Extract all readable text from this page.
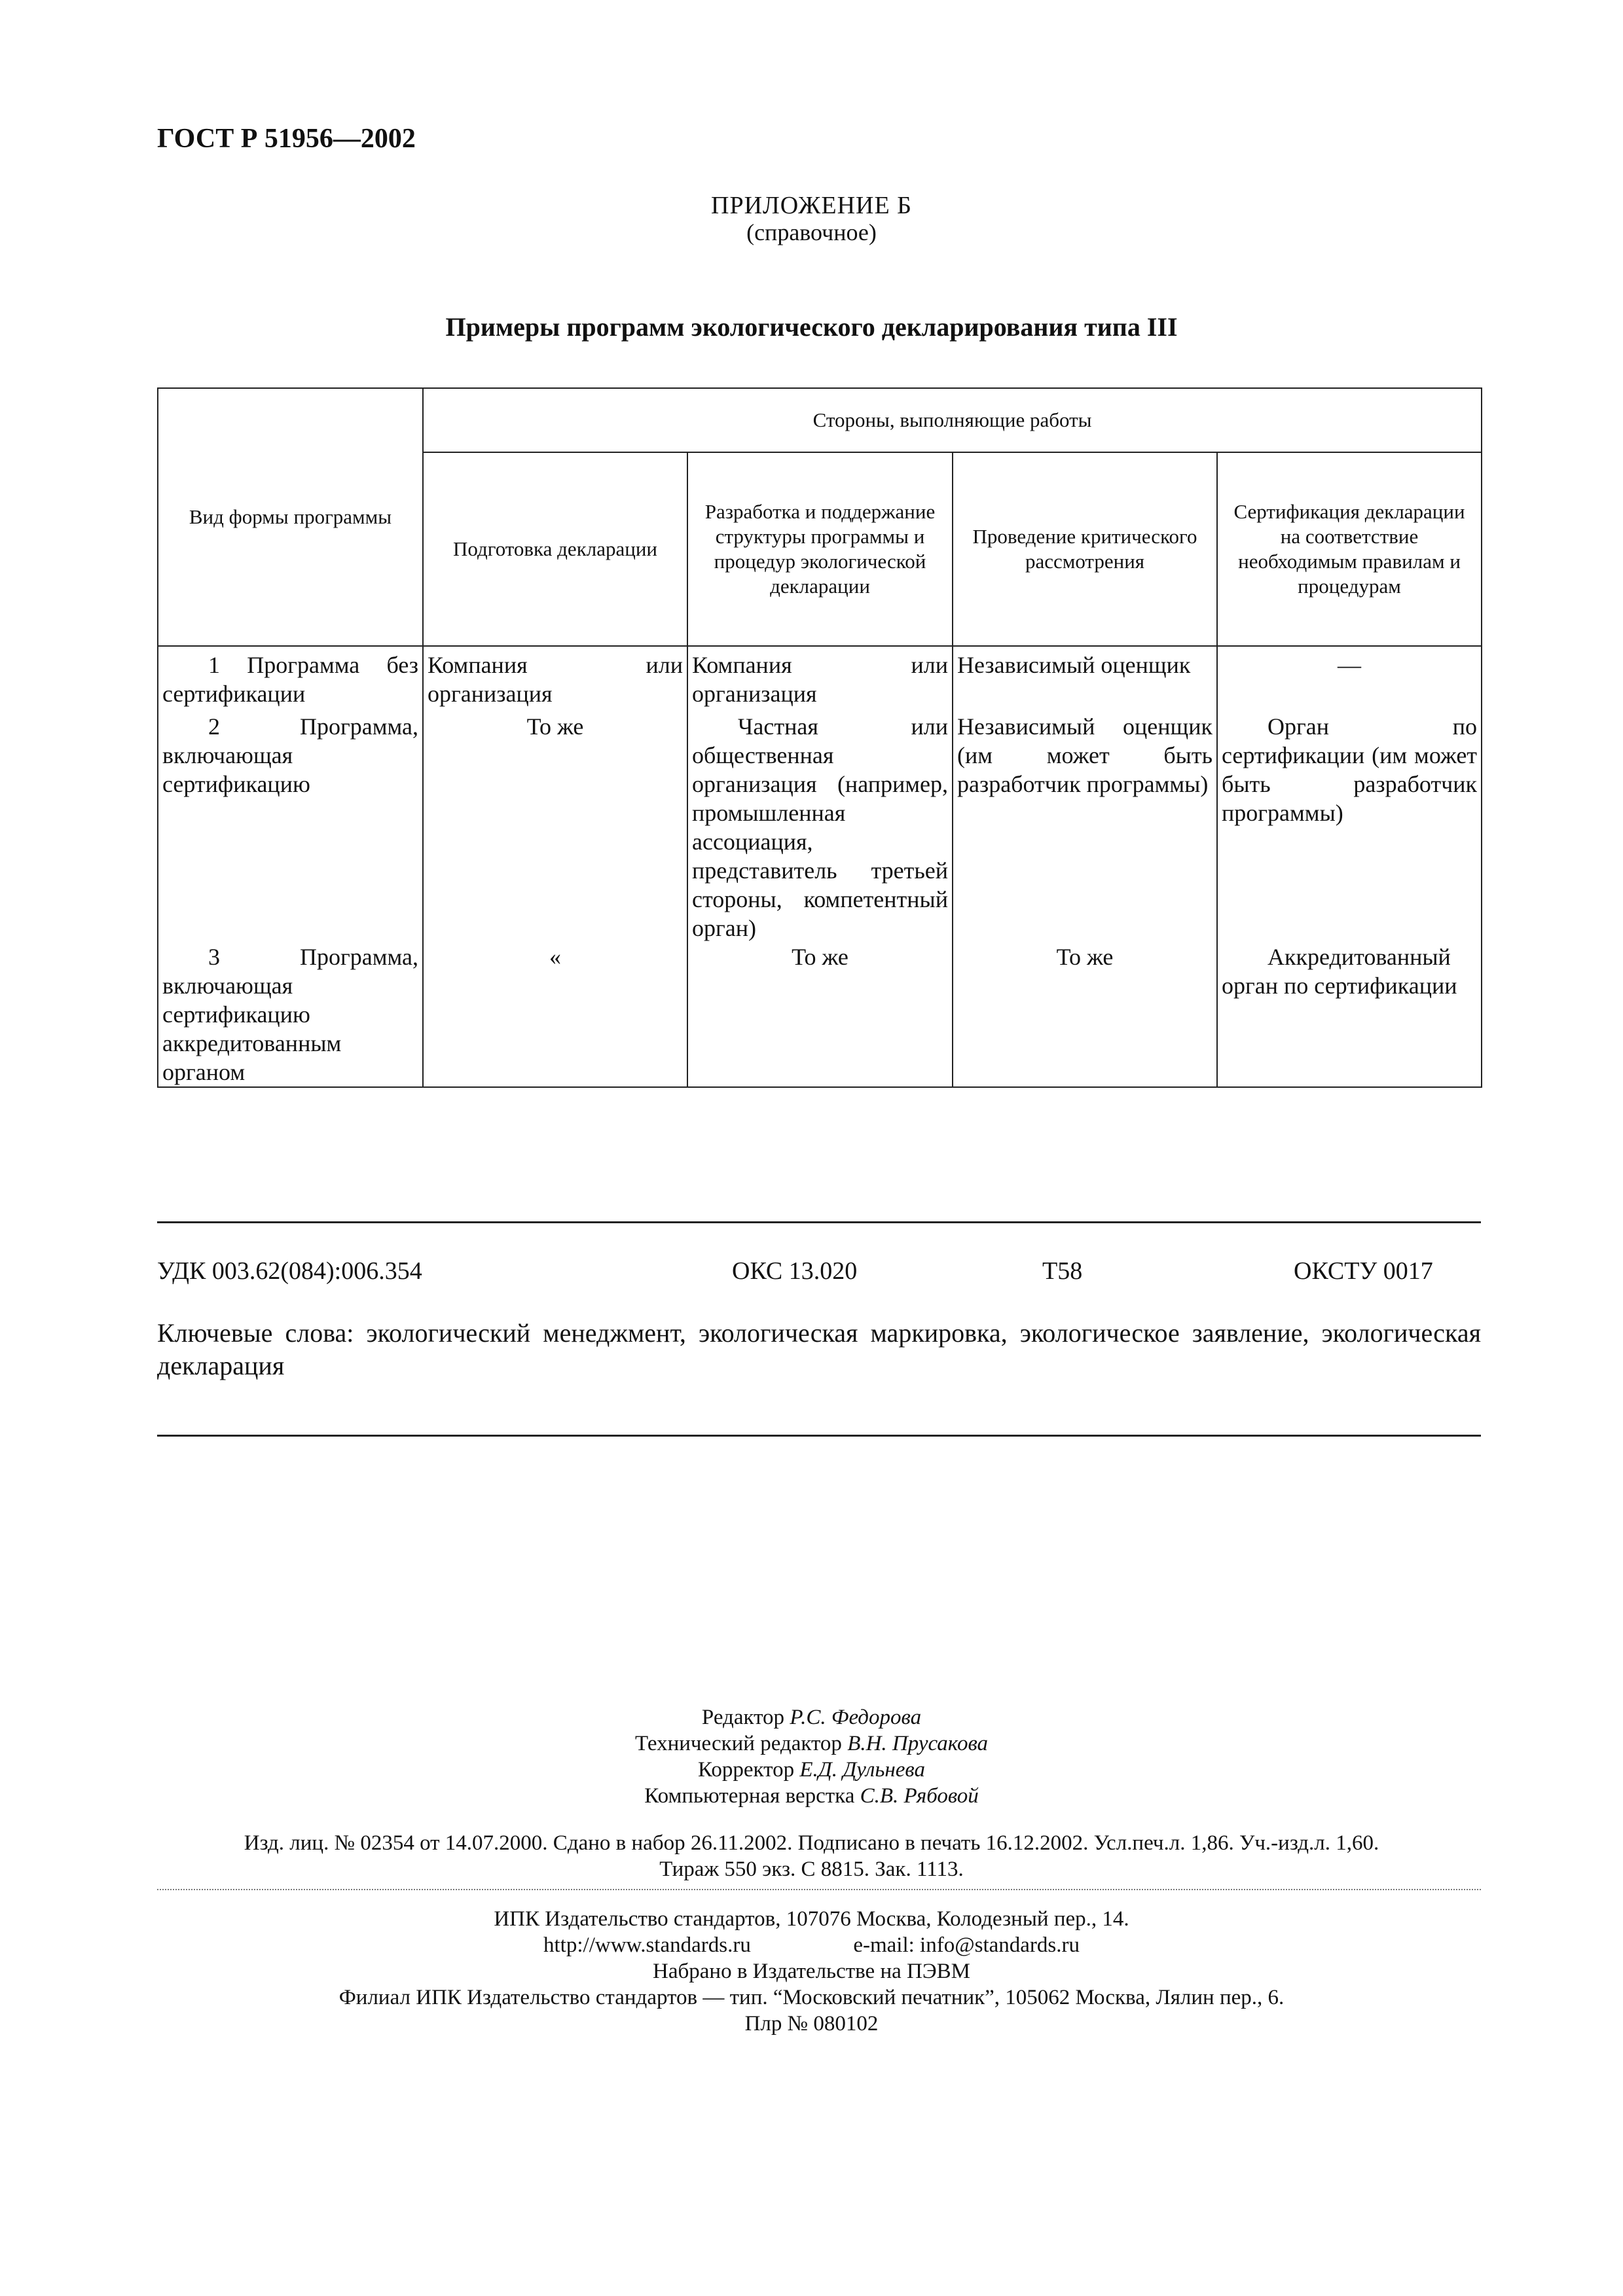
ГОСТ Р 51956—2002
ПРИЛОЖЕНИЕ Б
(справочное)
Примеры программ экологического декларирования типа III
Вид формы программы	Стороны, выполняющие работы			
	Подготовка декларации	Разработка и поддержание структуры программы и процедур экологической декларации	Проведение критического рассмотрения	Сертификация декларации на соответствие необходимым правилам и процедурам
1 Программа без сертификации	Компания или организация	Компания или организация	Независимый оценщик	—
2 Программа, включающая сертификацию	То же	Частная или общественная организация (например, промышленная ассоциация, представитель третьей стороны, компетентный орган)	Независимый оценщик (им может быть разработчик программы)	Орган по сертификации (им может быть разработчик программы)
3 Программа, включающая сертификацию аккредитованным органом	«	То же	То же	Аккредитованный орган по сертификации
УДК 003.62(084):006.354	ОКС 13.020	Т58	ОКСТУ 0017
Ключевые слова: экологический менеджмент, экологическая маркировка, экологическое заявление, экологическая декларация
Редактор Р.С. Федорова
Технический редактор В.Н. Прусакова
Корректор Е.Д. Дульнева
Компьютерная верстка С.В. Рябовой
Изд. лиц. № 02354 от 14.07.2000. Сдано в набор 26.11.2002. Подписано в печать 16.12.2002. Усл.печ.л. 1,86. Уч.-изд.л. 1,60.
Тираж 550 экз. С 8815. Зак. 1113.
ИПК Издательство стандартов, 107076 Москва, Колодезный пер., 14.
http://www.standards.ru	e-mail: info@standards.ru
Набрано в Издательстве на ПЭВМ
Филиал ИПК Издательство стандартов — тип. “Московский печатник”, 105062 Москва, Лялин пер., 6.
Плр № 080102
